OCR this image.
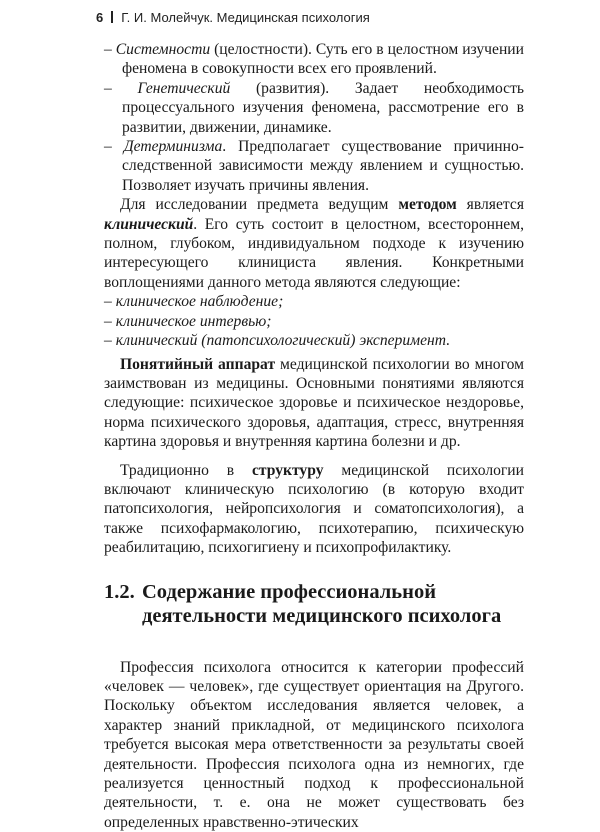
6 Г. И. Молейчук. Медицинская психология

– Системности (целостности). Суть его в целостном изучении феномена в совокупности всех его проявлений.

– Генетический (развития). Задает необходимость процессуального изучения феномена, рассмотрение его в развитии, движении, динамике.

– Детерминизма. Предполагает существование причинно-следственной зависимости между явлением и сущностью. Позволяет изучать причины явления.

Для исследовании предмета ведущим методом является клинический. Его суть состоит в целостном, всестороннем, полном, глубоком, индивидуальном подходе к изучению интересующего клинициста явления. Конкретными воплощениями данного метода являются следующие:

– клиническое наблюдение;

– клиническое интервью;

– клинический (патопсихологический) эксперимент.

Понятийный аппарат медицинской психологии во многом заимствован из медицины. Основными понятиями являются следующие: психическое здоровье и психическое нездоровье, норма психического здоровья, адаптация, стресс, внутренняя картина здоровья и внутренняя картина болезни и др.

Традиционно в структуру медицинской психологии включают клиническую психологию (в которую входит патопсихология, нейропсихология и соматопсихология), а также психофармакологию, психотерапию, психическую реабилитацию, психогигиену и психопрофилактику.

1.2. Содержание профессиональной
деятельности медицинского психолога

Профессия психолога относится к категории профессий «человек — человек», где существует ориентация на Другого. Поскольку объектом исследования является человек, а характер знаний прикладной, от медицинского психолога требуется высокая мера ответственности за результаты своей деятельности. Профессия психолога одна из немногих, где реализуется ценностный подход к профессиональной деятельности, т. е. она не может существовать без определенных нравственно-этических
